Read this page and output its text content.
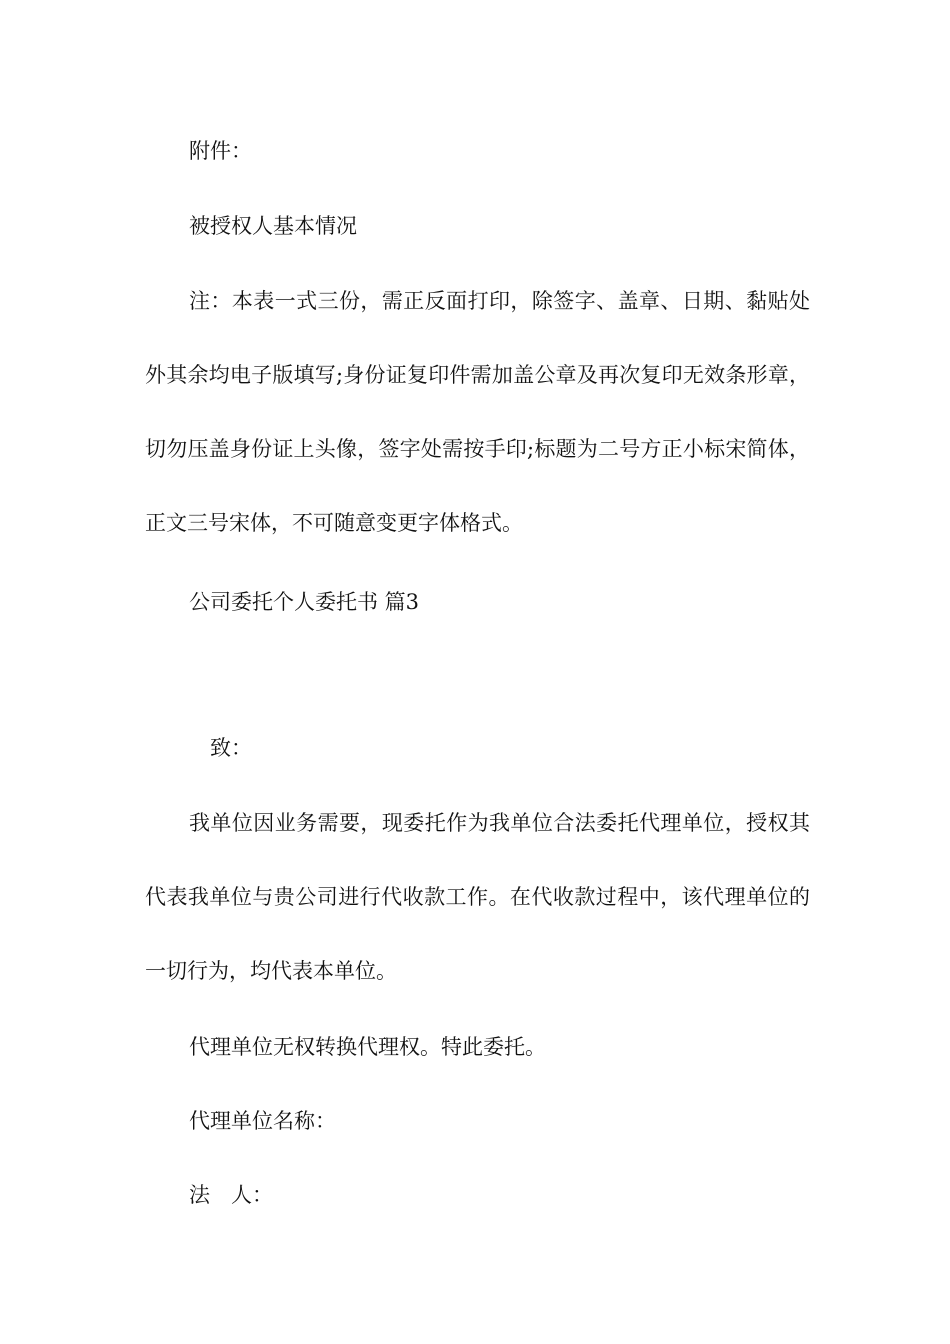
附件：

被授权人基本情况

注：本表一式三份，需正反面打印，除签字、盖章、日期、黏贴处外其余均电子版填写;身份证复印件需加盖公章及再次复印无效条形章，切勿压盖身份证上头像，签字处需按手印;标题为二号方正小标宋简体，正文三号宋体，不可随意变更字体格式。

公司委托个人委托书 篇3

致：

我单位因业务需要，现委托作为我单位合法委托代理单位，授权其代表我单位与贵公司进行代收款工作。在代收款过程中，该代理单位的一切行为，均代表本单位。

代理单位无权转换代理权。特此委托。

代理单位名称：

法　人：
